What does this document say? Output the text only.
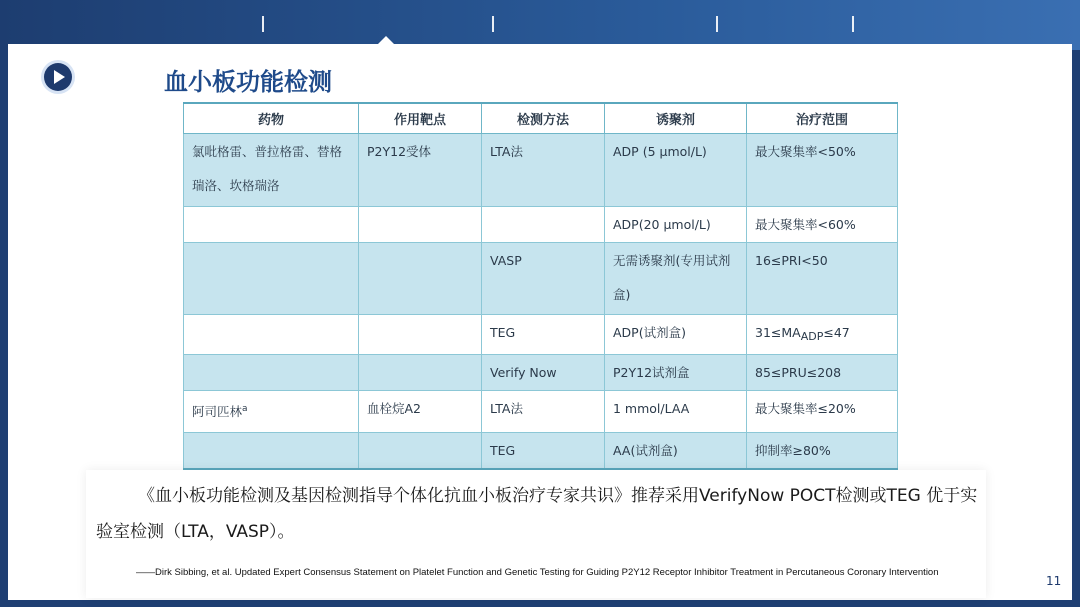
血小板功能检测
药物	作用靶点	检测方法	诱聚剂	治疗范围

氯吡格雷、普拉格雷、替格瑞洛、坎格瑞洛	P2Y12受体	LTA法	ADP (5 μmol/L)	最大聚集率<50%

			ADP(20 μmol/L)	最大聚集率<60%

		VASP	无需诱聚剂(专用试剂盒)	16≤PRI<50

		TEG	ADP(试剂盒)	$31\le MA_{ADP}\le 47$

		Verify Now	P2Y12试剂盒	85≤PRU≤208

阿司匹林$^a$	血栓烷A2	LTA法	1 mmol/LAA	最大聚集率≤20%

		TEG	AA(试剂盒)	抑制率≥80%
《血小板功能检测及基因检测指导个体化抗血小板治疗专家共识》推荐采用VerifyNow POCT检测或TEG 优于实验室检测（LTA，VASP）。
——Dirk Sibbing, et al. Updated Expert Consensus Statement on Platelet Function and Genetic Testing for Guiding P2Y12 Receptor Inhibitor Treatment in Percutaneous Coronary Intervention
11
